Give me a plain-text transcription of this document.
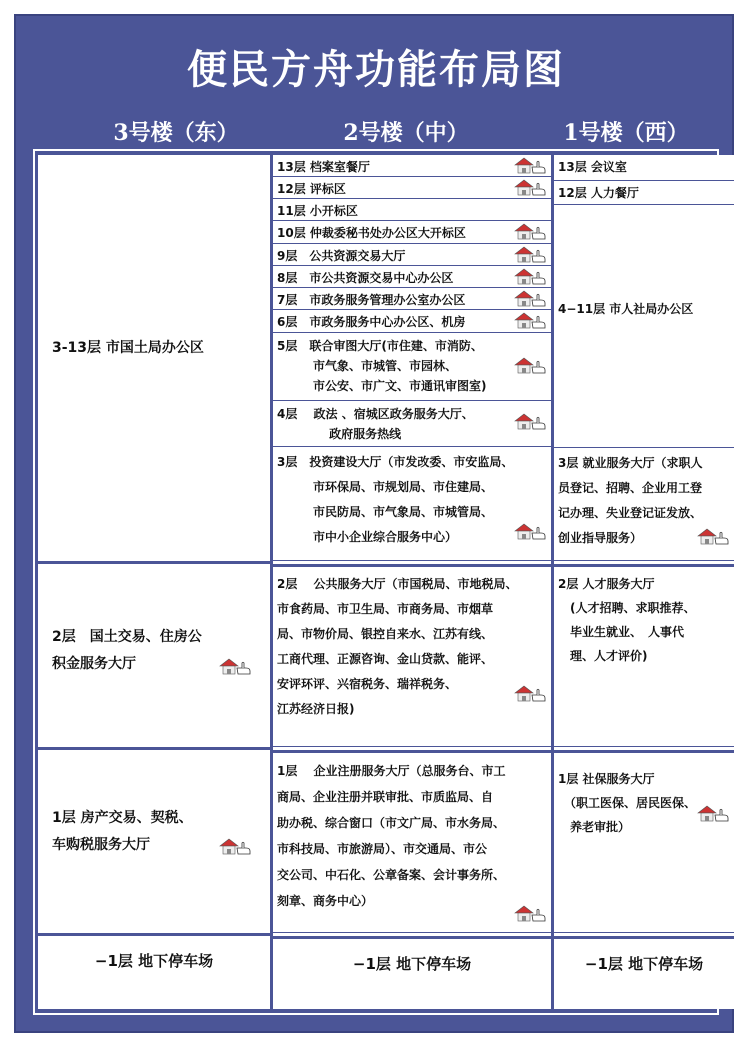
便民方舟功能布局图
3号楼（东）	2号楼（中）	1号楼（西）
3-13层 市国土局办公区
2层　国土交易、住房公
积金服务大厅
1层 房产交易、契税、
车购税服务大厅
−1层 地下停车场
13层 档案室餐厅
12层 评标区
11层 小开标区
10层 仲裁委秘书处办公区大开标区
9层　公共资源交易大厅
8层　市公共资源交易中心办公区
7层　市政务服务管理办公室办公区
6层　市政务服务中心办公区、机房
5层　联合审图大厅(市住建、市消防、
　　　市气象、市城管、市园林、
　　　市公安、市广文、市通讯审图室)
4层　 政法 、宿城区政务服务大厅、
　　　　 政府服务热线
3层　投资建设大厅（市发改委、市安监局、
　　　市环保局、市规划局、市住建局、
　　　市民防局、市气象局、市城管局、
　　　市中小企业综合服务中心）
2层　 公共服务大厅（市国税局、市地税局、
市食药局、市卫生局、市商务局、市烟草
局、市物价局、银控自来水、江苏有线、
工商代理、正源咨询、金山贷款、能评、
安评环评、兴宿税务、瑞祥税务、
江苏经济日报)
1层　 企业注册服务大厅（总服务台、市工
商局、企业注册并联审批、市质监局、自
助办税、综合窗口（市文广局、市水务局、
市科技局、市旅游局）、市交通局、市公
交公司、中石化、公章备案、会计事务所、
刻章、商务中心）
−1层 地下停车场
13层 会议室
12层 人力餐厅
4−11层 市人社局办公区
3层 就业服务大厅（求职人
员登记、招聘、企业用工登
记办理、失业登记证发放、
创业指导服务）
2层 人才服务大厅
　(人才招聘、求职推荐、
　毕业生就业、　人事代
　理、人才评价)
1层 社保服务大厅
　（职工医保、居民医保、
　养老审批）
−1层 地下停车场
